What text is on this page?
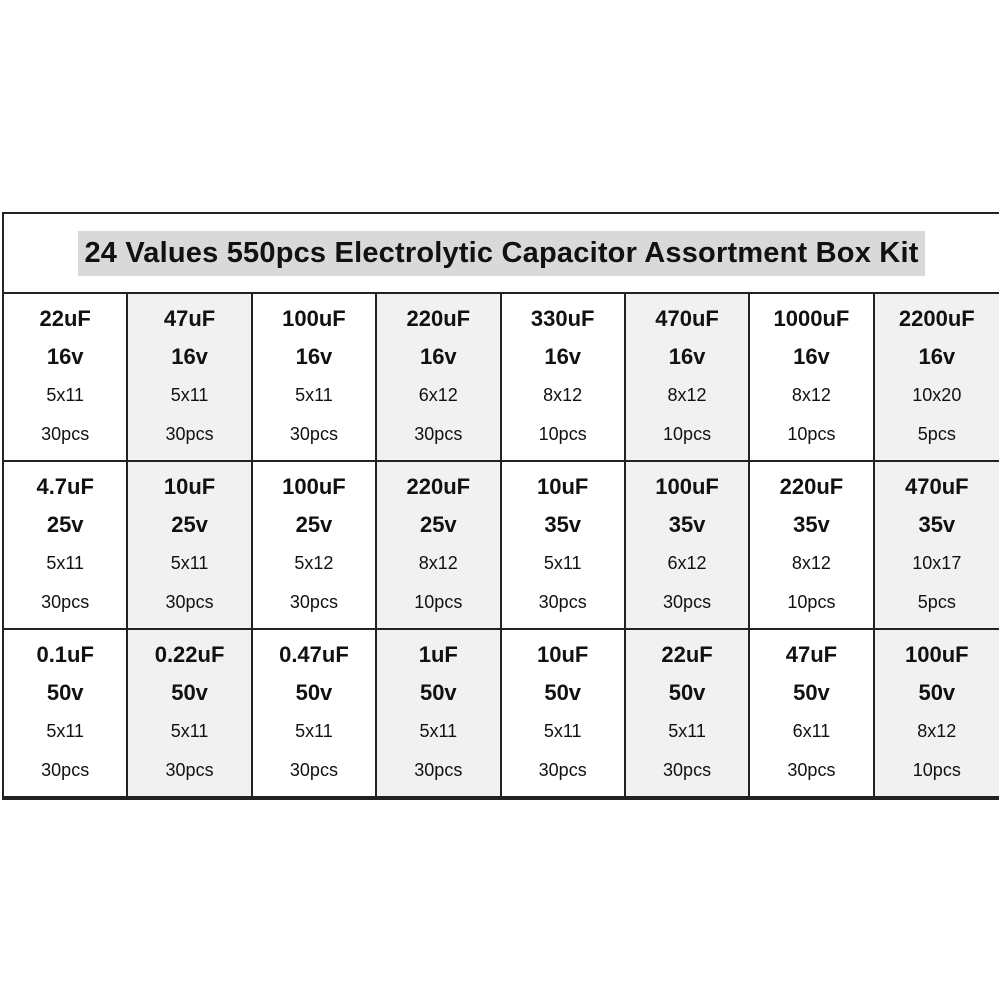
24 Values 550pcs Electrolytic Capacitor Assortment Box Kit
22uF
16v
5x11
30pcs
47uF
16v
5x11
30pcs
100uF
16v
5x11
30pcs
220uF
16v
6x12
30pcs
330uF
16v
8x12
10pcs
470uF
16v
8x12
10pcs
1000uF
16v
8x12
10pcs
2200uF
16v
10x20
5pcs
4.7uF
25v
5x11
30pcs
10uF
25v
5x11
30pcs
100uF
25v
5x12
30pcs
220uF
25v
8x12
10pcs
10uF
35v
5x11
30pcs
100uF
35v
6x12
30pcs
220uF
35v
8x12
10pcs
470uF
35v
10x17
5pcs
0.1uF
50v
5x11
30pcs
0.22uF
50v
5x11
30pcs
0.47uF
50v
5x11
30pcs
1uF
50v
5x11
30pcs
10uF
50v
5x11
30pcs
22uF
50v
5x11
30pcs
47uF
50v
6x11
30pcs
100uF
50v
8x12
10pcs
